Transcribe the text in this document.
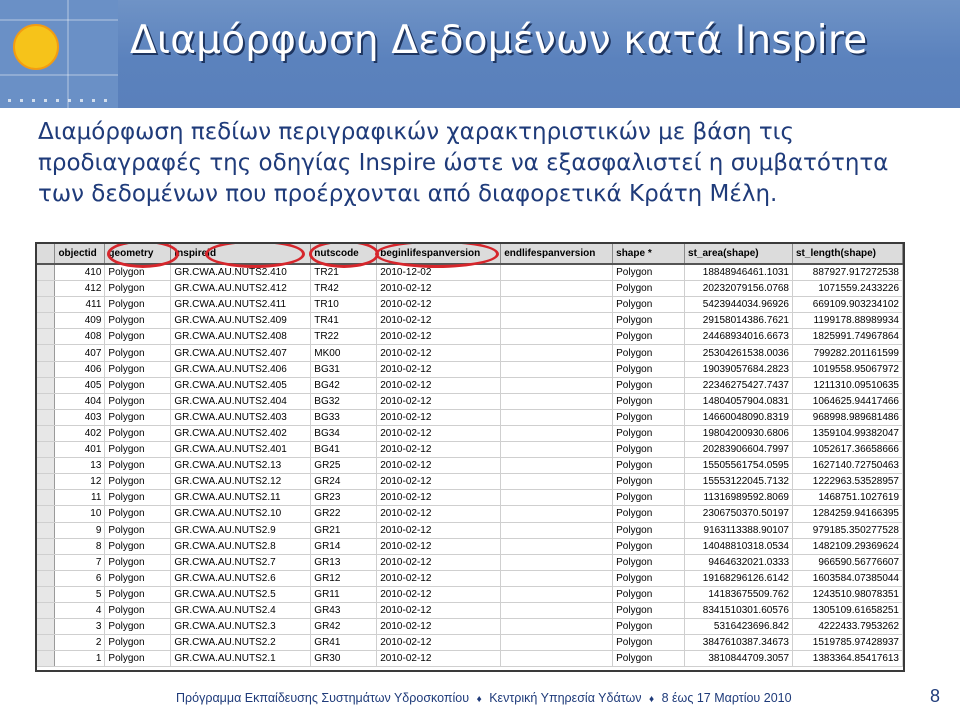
Διαμόρφωση Δεδομένων κατά Inspire
Διαμόρφωση πεδίων περιγραφικών χαρακτηριστικών με βάση τις
προδιαγραφές της οδηγίας Inspire ώστε να εξασφαλιστεί η συμβατότητα
των δεδομένων που προέρχονται από διαφορετικά Κράτη Μέλη.
	objectid	geometry	inspireid	nutscode	beginlifespanversion	endlifespanversion	shape *	st_area(shape)	st_length(shape)
	410	Polygon	GR.CWA.AU.NUTS2.410	TR21	2010-12-02		Polygon	18848946461.1031	887927.917272538
	412	Polygon	GR.CWA.AU.NUTS2.412	TR42	2010-02-12		Polygon	20232079156.0768	1071559.2433226
	411	Polygon	GR.CWA.AU.NUTS2.411	TR10	2010-02-12		Polygon	5423944034.96926	669109.903234102
	409	Polygon	GR.CWA.AU.NUTS2.409	TR41	2010-02-12		Polygon	29158014386.7621	1199178.88989934
	408	Polygon	GR.CWA.AU.NUTS2.408	TR22	2010-02-12		Polygon	24468934016.6673	1825991.74967864
	407	Polygon	GR.CWA.AU.NUTS2.407	MK00	2010-02-12		Polygon	25304261538.0036	799282.201161599
	406	Polygon	GR.CWA.AU.NUTS2.406	BG31	2010-02-12		Polygon	19039057684.2823	1019558.95067972
	405	Polygon	GR.CWA.AU.NUTS2.405	BG42	2010-02-12		Polygon	22346275427.7437	1211310.09510635
	404	Polygon	GR.CWA.AU.NUTS2.404	BG32	2010-02-12		Polygon	14804057904.0831	1064625.94417466
	403	Polygon	GR.CWA.AU.NUTS2.403	BG33	2010-02-12		Polygon	14660048090.8319	968998.989681486
	402	Polygon	GR.CWA.AU.NUTS2.402	BG34	2010-02-12		Polygon	19804200930.6806	1359104.99382047
	401	Polygon	GR.CWA.AU.NUTS2.401	BG41	2010-02-12		Polygon	20283906604.7997	1052617.36658666
	13	Polygon	GR.CWA.AU.NUTS2.13	GR25	2010-02-12		Polygon	15505561754.0595	1627140.72750463
	12	Polygon	GR.CWA.AU.NUTS2.12	GR24	2010-02-12		Polygon	15553122045.7132	1222963.53528957
	11	Polygon	GR.CWA.AU.NUTS2.11	GR23	2010-02-12		Polygon	11316989592.8069	1468751.1027619
	10	Polygon	GR.CWA.AU.NUTS2.10	GR22	2010-02-12		Polygon	2306750370.50197	1284259.94166395
	9	Polygon	GR.CWA.AU.NUTS2.9	GR21	2010-02-12		Polygon	9163113388.90107	979185.350277528
	8	Polygon	GR.CWA.AU.NUTS2.8	GR14	2010-02-12		Polygon	14048810318.0534	1482109.29369624
	7	Polygon	GR.CWA.AU.NUTS2.7	GR13	2010-02-12		Polygon	9464632021.0333	966590.56776607
	6	Polygon	GR.CWA.AU.NUTS2.6	GR12	2010-02-12		Polygon	19168296126.6142	1603584.07385044
	5	Polygon	GR.CWA.AU.NUTS2.5	GR11	2010-02-12		Polygon	14183675509.762	1243510.98078351
	4	Polygon	GR.CWA.AU.NUTS2.4	GR43	2010-02-12		Polygon	8341510301.60576	1305109.61658251
	3	Polygon	GR.CWA.AU.NUTS2.3	GR42	2010-02-12		Polygon	5316423696.842	4222433.7953262
	2	Polygon	GR.CWA.AU.NUTS2.2	GR41	2010-02-12		Polygon	3847610387.34673	1519785.97428937
	1	Polygon	GR.CWA.AU.NUTS2.1	GR30	2010-02-12		Polygon	3810844709.3057	1383364.85417613
Πρόγραμμα Εκπαίδευσης Συστημάτων Υδροσκοπίου ♦ Κεντρική Υπηρεσία Υδάτων ♦ 8 έως 17 Μαρτίου 2010	8
